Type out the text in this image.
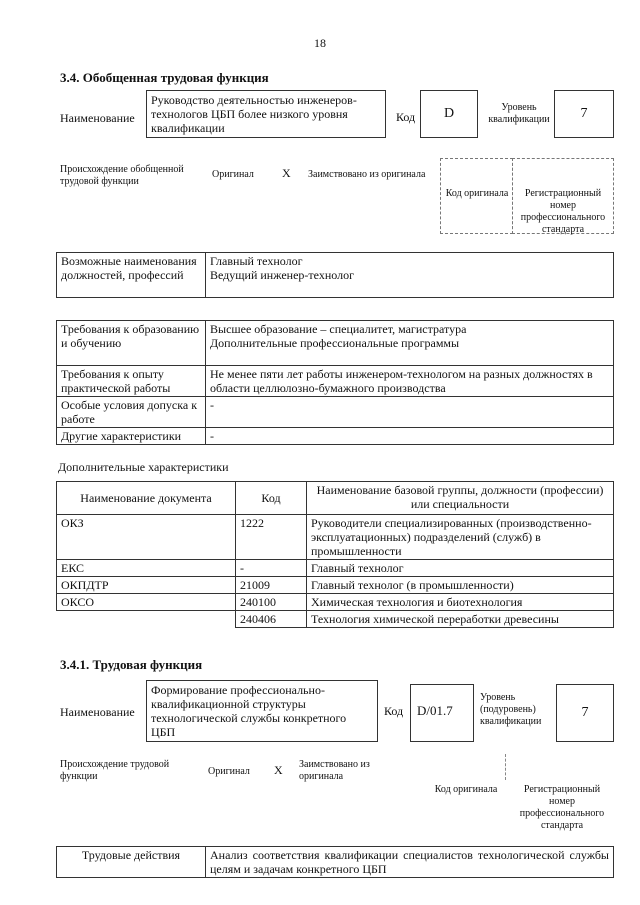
18
3.4. Обобщенная трудовая функция
Наименование
Руководство деятельностью инженеров-технологов ЦБП более низкого уровня квалификации
Код	D	Уровень квалификации	7
Происхождение обобщенной трудовой функции
Оригинал X Заимствовано из оригинала
Код оригинала	Регистрационный номер профессионального стандарта
Возможные наименования должностей, профессий	
Главный технолог
Ведущий инженер-технолог
Требования к образованию и обучению	Высшее образование – специалитет, магистратура
Дополнительные профессиональные программы

Требования к опыту практической работы	Не менее пяти лет работы инженером-технологом на разных должностях в области целлюлозно-бумажного производства
Особые условия допуска к работе	-
Другие характеристики	-
Дополнительные характеристики
Наименование документа	Код	Наименование базовой группы, должности (профессии) или специальности
ОКЗ	1222	Руководители специализированных (производственно-эксплуатационных) подразделений (служб) в промышленности
ЕКС	-	Главный технолог
ОКПДТР	21009	Главный технолог (в промышленности)
ОКСО	240100	Химическая технология и биотехнология
	240406	Технология химической переработки древесины
3.4.1. Трудовая функция
Наименование
Формирование профессионально-квалификационной структуры технологической службы конкретного ЦБП
Код	D/01.7
Уровень (подуровень) квалификации
7
Происхождение трудовой функции	Оригинал X Заимствовано из оригинала
Код оригинала	Регистрационный номер профессионального стандарта
Трудовые действия	Анализ соответствия квалификации специалистов технологической службы целям и задачам конкретного ЦБП
